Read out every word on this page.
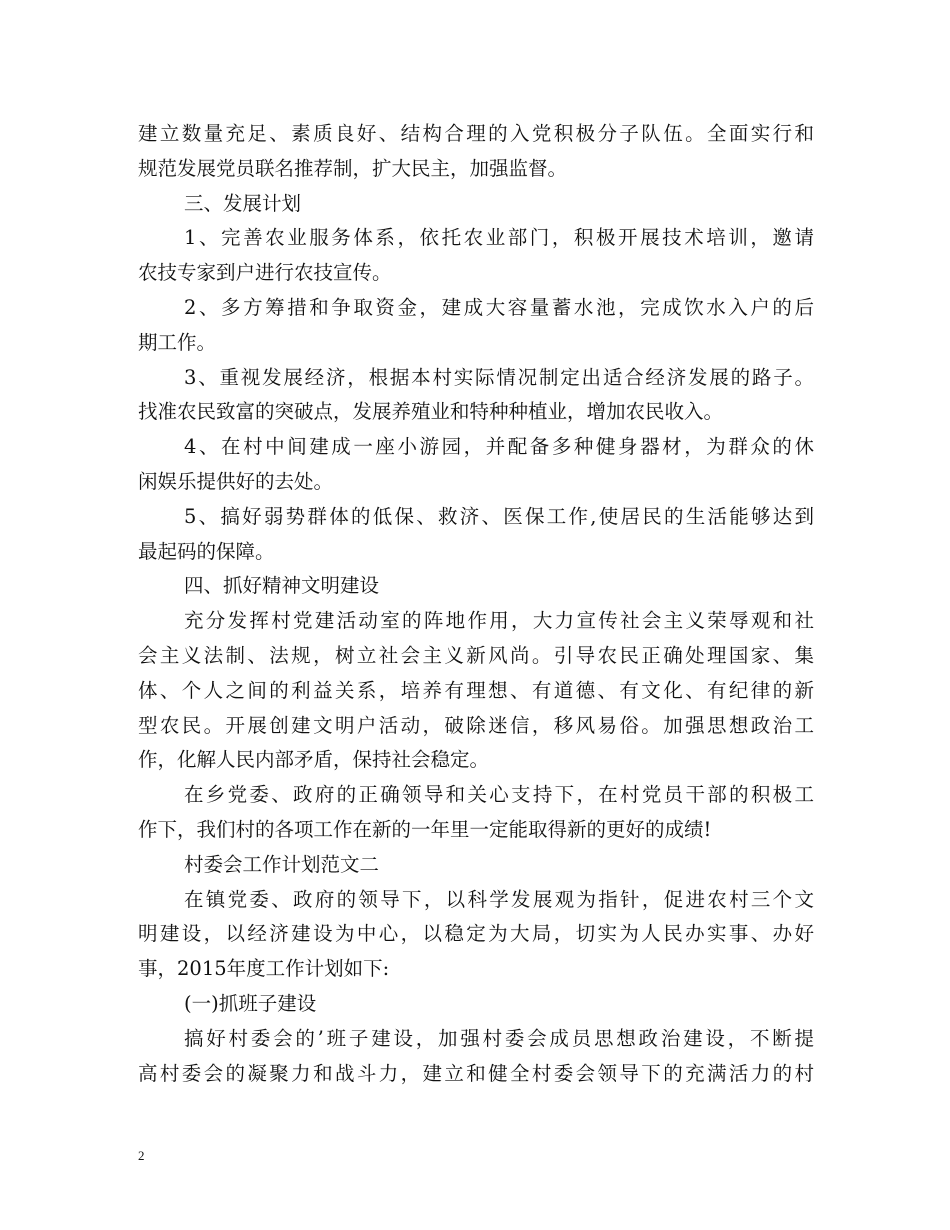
建立数量充足、素质良好、结构合理的入党积极分子队伍。全面实行和
规范发展党员联名推荐制，扩大民主，加强监督。
三、发展计划
1、完善农业服务体系，依托农业部门，积极开展技术培训，邀请
农技专家到户进行农技宣传。
2、多方筹措和争取资金，建成大容量蓄水池，完成饮水入户的后
期工作。
3、重视发展经济，根据本村实际情况制定出适合经济发展的路子。
找准农民致富的突破点，发展养殖业和特种种植业，增加农民收入。
4、在村中间建成一座小游园，并配备多种健身器材，为群众的休
闲娱乐提供好的去处。
5、搞好弱势群体的低保、救济、医保工作,使居民的生活能够达到
最起码的保障。
四、抓好精神文明建设
充分发挥村党建活动室的阵地作用，大力宣传社会主义荣辱观和社
会主义法制、法规，树立社会主义新风尚。引导农民正确处理国家、集
体、个人之间的利益关系，培养有理想、有道德、有文化、有纪律的新
型农民。开展创建文明户活动，破除迷信，移风易俗。加强思想政治工
作，化解人民内部矛盾，保持社会稳定。
在乡党委、政府的正确领导和关心支持下，在村党员干部的积极工
作下，我们村的各项工作在新的一年里一定能取得新的更好的成绩!
村委会工作计划范文二
在镇党委、政府的领导下，以科学发展观为指针，促进农村三个文
明建设，以经济建设为中心，以稳定为大局，切实为人民办实事、办好
事，2015年度工作计划如下:
(一)抓班子建设
搞好村委会的’班子建设，加强村委会成员思想政治建设，不断提
高村委会的凝聚力和战斗力，建立和健全村委会领导下的充满活力的村
2
